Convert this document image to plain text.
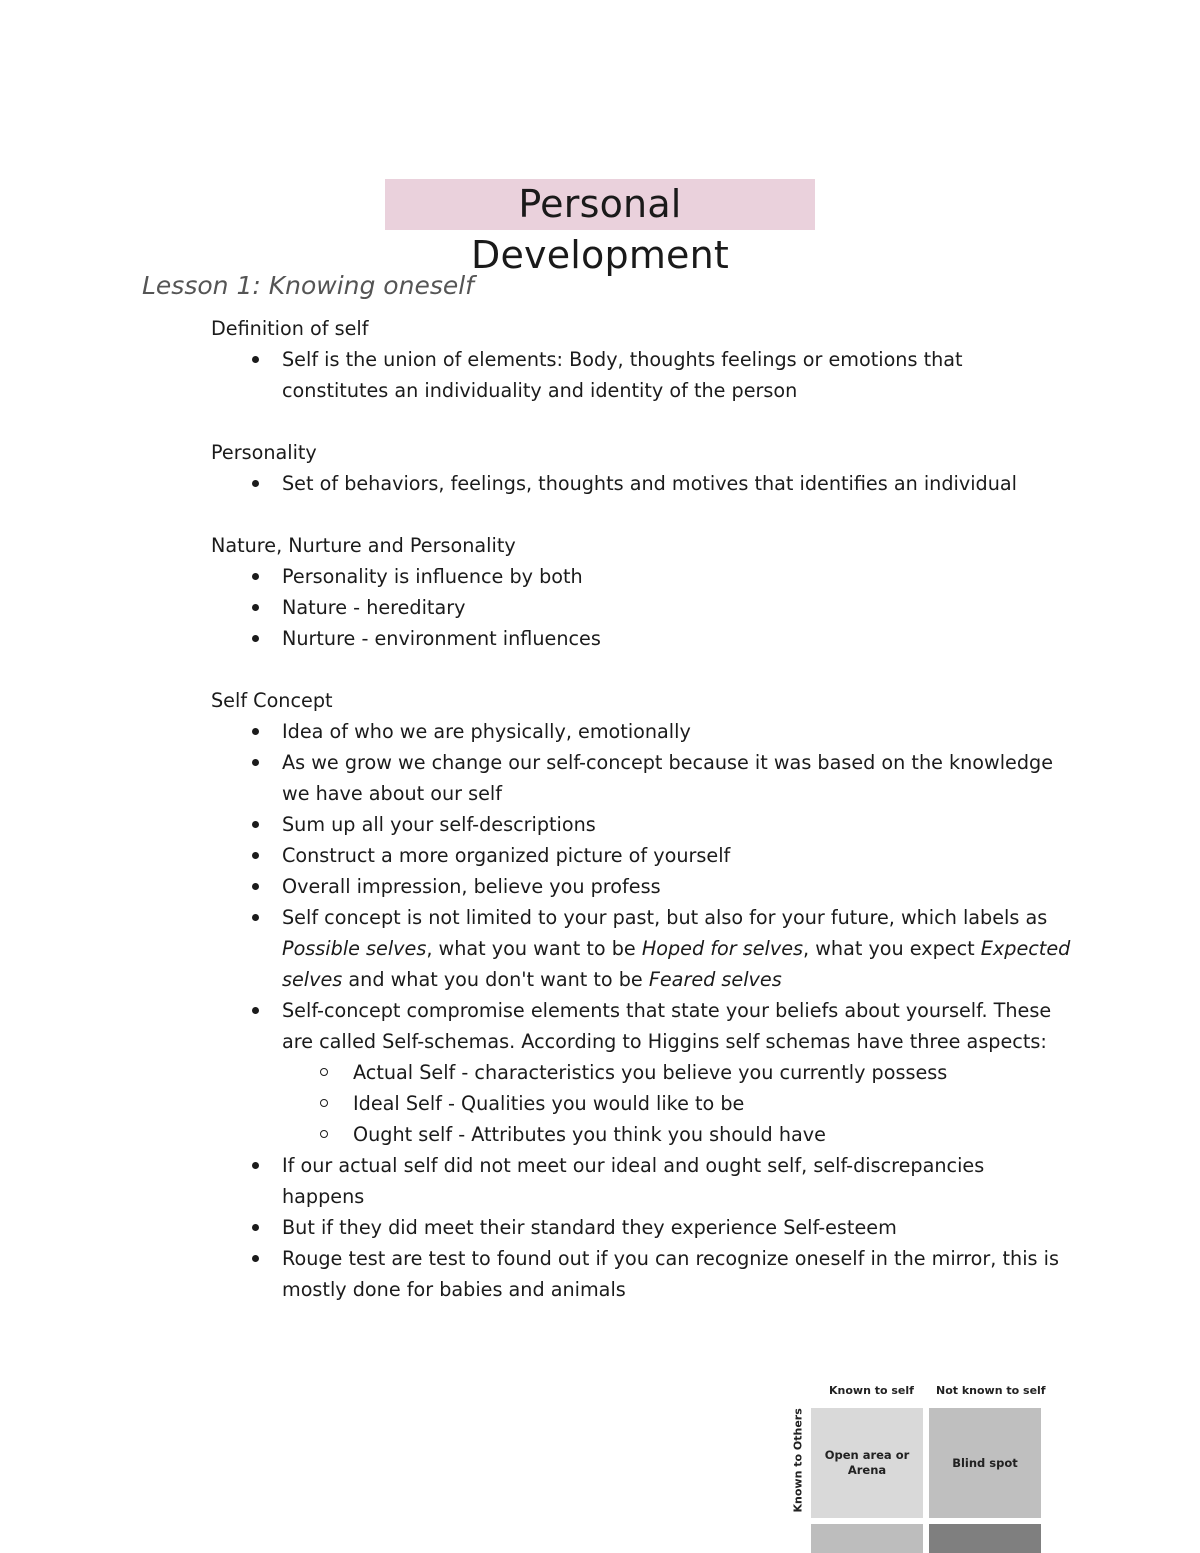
Personal Development
Lesson 1: Knowing oneself
Definition of self
Self is the union of elements: Body, thoughts feelings or emotions that constitutes an individuality and identity of the person
Personality
Set of behaviors, feelings, thoughts and motives that identifies an individual
Nature, Nurture and Personality
Personality is influence by both
Nature - hereditary
Nurture - environment influences
Self Concept
Idea of who we are physically, emotionally
As we grow we change our self-concept because it was based on the knowledge we have about our self
Sum up all your self-descriptions
Construct a more organized picture of yourself
Overall impression, believe you profess
Self concept is not limited to your past, but also for your future, which labels as Possible selves, what you want to be Hoped for selves, what you expect Expected selves and what you don't want to be Feared selves
Self-concept compromise elements that state your beliefs about yourself. These are called Self-schemas. According to Higgins self schemas have three aspects:
Actual Self - characteristics you believe you currently possess
Ideal Self - Qualities you would like to be
Ought self - Attributes you think you should have
If our actual self did not meet our ideal and ought self, self-discrepancies happens
But if they did meet their standard they experience Self-esteem
Rouge test are test to found out if you can recognize oneself in the mirror, this is mostly done for babies and animals
Known to self Not known to self
Known to Others	Open area or Arena
Blind spot
